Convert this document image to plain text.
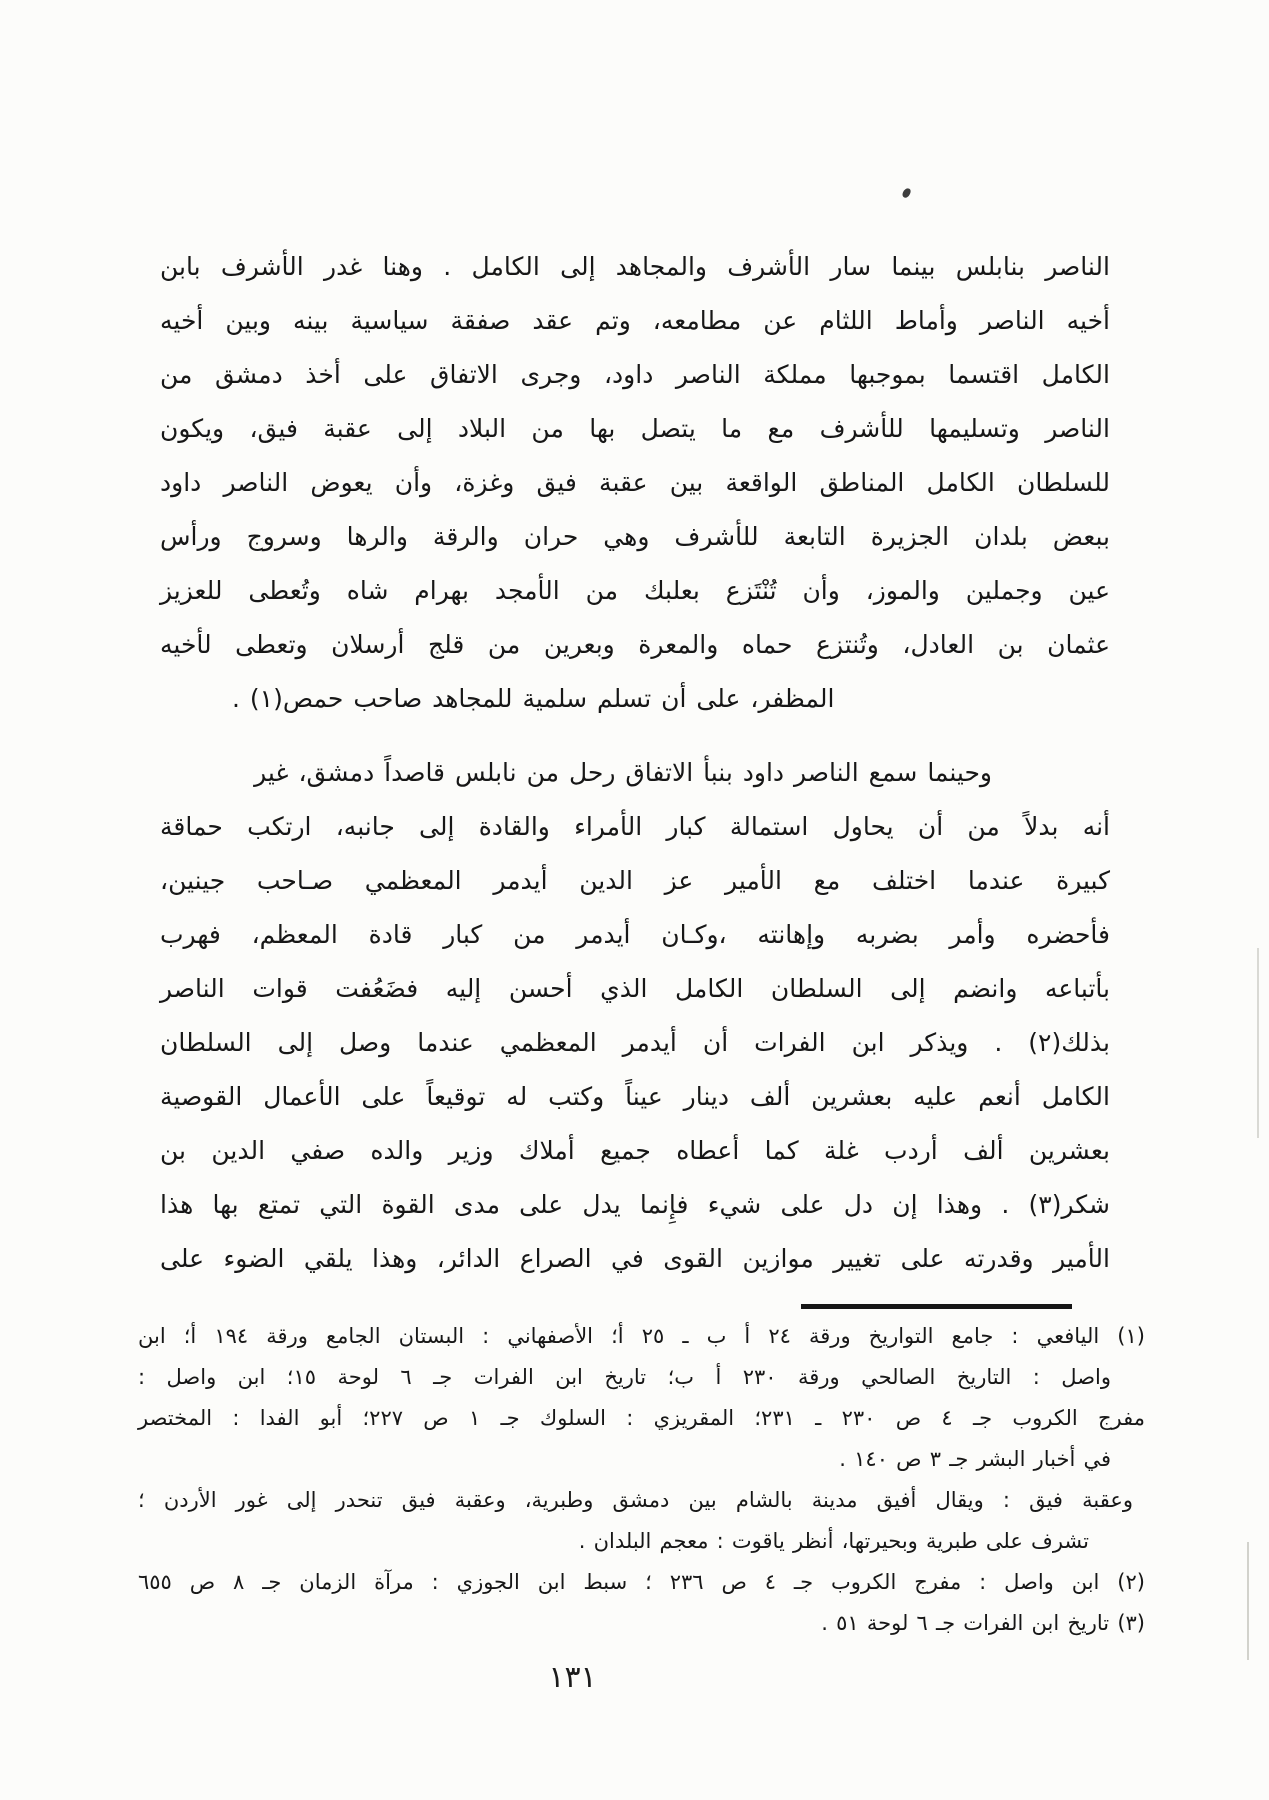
الناصر بنابلس بينما سار الأشرف والمجاهد إلى الكامل . وهنا غدر الأشرف بابن
أخيه الناصر وأماط اللثام عن مطامعه، وتم عقد صفقة سياسية بينه وبين أخيه
الكامل اقتسما بموجبها مملكة الناصر داود، وجرى الاتفاق على أخذ دمشق من
الناصر وتسليمها للأشرف مع ما يتصل بها من البلاد إلى عقبة فيق، ويكون
للسلطان الكامل المناطق الواقعة بين عقبة فيق وغزة، وأن يعوض الناصر داود
ببعض بلدان الجزيرة التابعة للأشرف وهي حران والرقة والرها وسروج ورأس
عين وجملين والموز، وأن تُنْتَزع بعلبك من الأمجد بهرام شاه وتُعطى للعزيز
عثمان بن العادل، وتُنتزع حماه والمعرة وبعرين من قلج أرسلان وتعطى لأخيه
المظفر، على أن تسلم سلمية للمجاهد صاحب حمص(١) .
وحينما سمع الناصر داود بنبأ الاتفاق رحل من نابلس قاصداً دمشق، غير
أنه بدلاً من أن يحاول استمالة كبار الأمراء والقادة إلى جانبه، ارتكب حماقة
كبيرة عندما اختلف مع الأمير عز الدين أيدمر المعظمي صـاحب جينين،
فأحضره وأمر بضربه وإهانته ،وكـان أيدمر من كبار قادة المعظم، فهرب
بأتباعه وانضم إلى السلطان الكامل الذي أحسن إليه فضَعُفت قوات الناصر
بذلك(٢) . ويذكر ابن الفرات أن أيدمر المعظمي عندما وصل إلى السلطان
الكامل أنعم عليه بعشرين ألف دينار عيناً وكتب له توقيعاً على الأعمال القوصية
بعشرين ألف أردب غلة كما أعطاه جميع أملاك وزير والده صفي الدين بن
شكر(٣) . وهذا إن دل على شيء فإِنما يدل على مدى القوة التي تمتع بها هذا
الأمير وقدرته على تغيير موازين القوى في الصراع الدائر، وهذا يلقي الضوء على
(١) اليافعي : جامع التواريخ ورقة ٢٤ أ ب ـ ٢٥ أ؛ الأصفهاني : البستان الجامع ورقة ١٩٤ أ؛ ابن
واصل : التاريخ الصالحي ورقة ٢٣٠ أ ب؛ تاريخ ابن الفرات جـ ٦ لوحة ١٥؛ ابن واصل :
مفرج الكروب جـ ٤ ص ٢٣٠ ـ ٢٣١؛ المقريزي : السلوك جـ ١ ص ٢٢٧؛ أبو الفدا : المختصر
في أخبار البشر جـ ٣ ص ١٤٠ .
وعقبة فيق : ويقال أفيق مدينة بالشام بين دمشق وطبرية، وعقبة فيق تنحدر إلى غور الأردن ؛
تشرف على طبرية وبحيرتها، أنظر ياقوت : معجم البلدان .
(٢) ابن واصل : مفرج الكروب جـ ٤ ص ٢٣٦ ؛ سبط ابن الجوزي : مرآة الزمان جـ ٨ ص ٦٥٥
(٣) تاريخ ابن الفرات جـ ٦ لوحة ٥١ .
١٣١
